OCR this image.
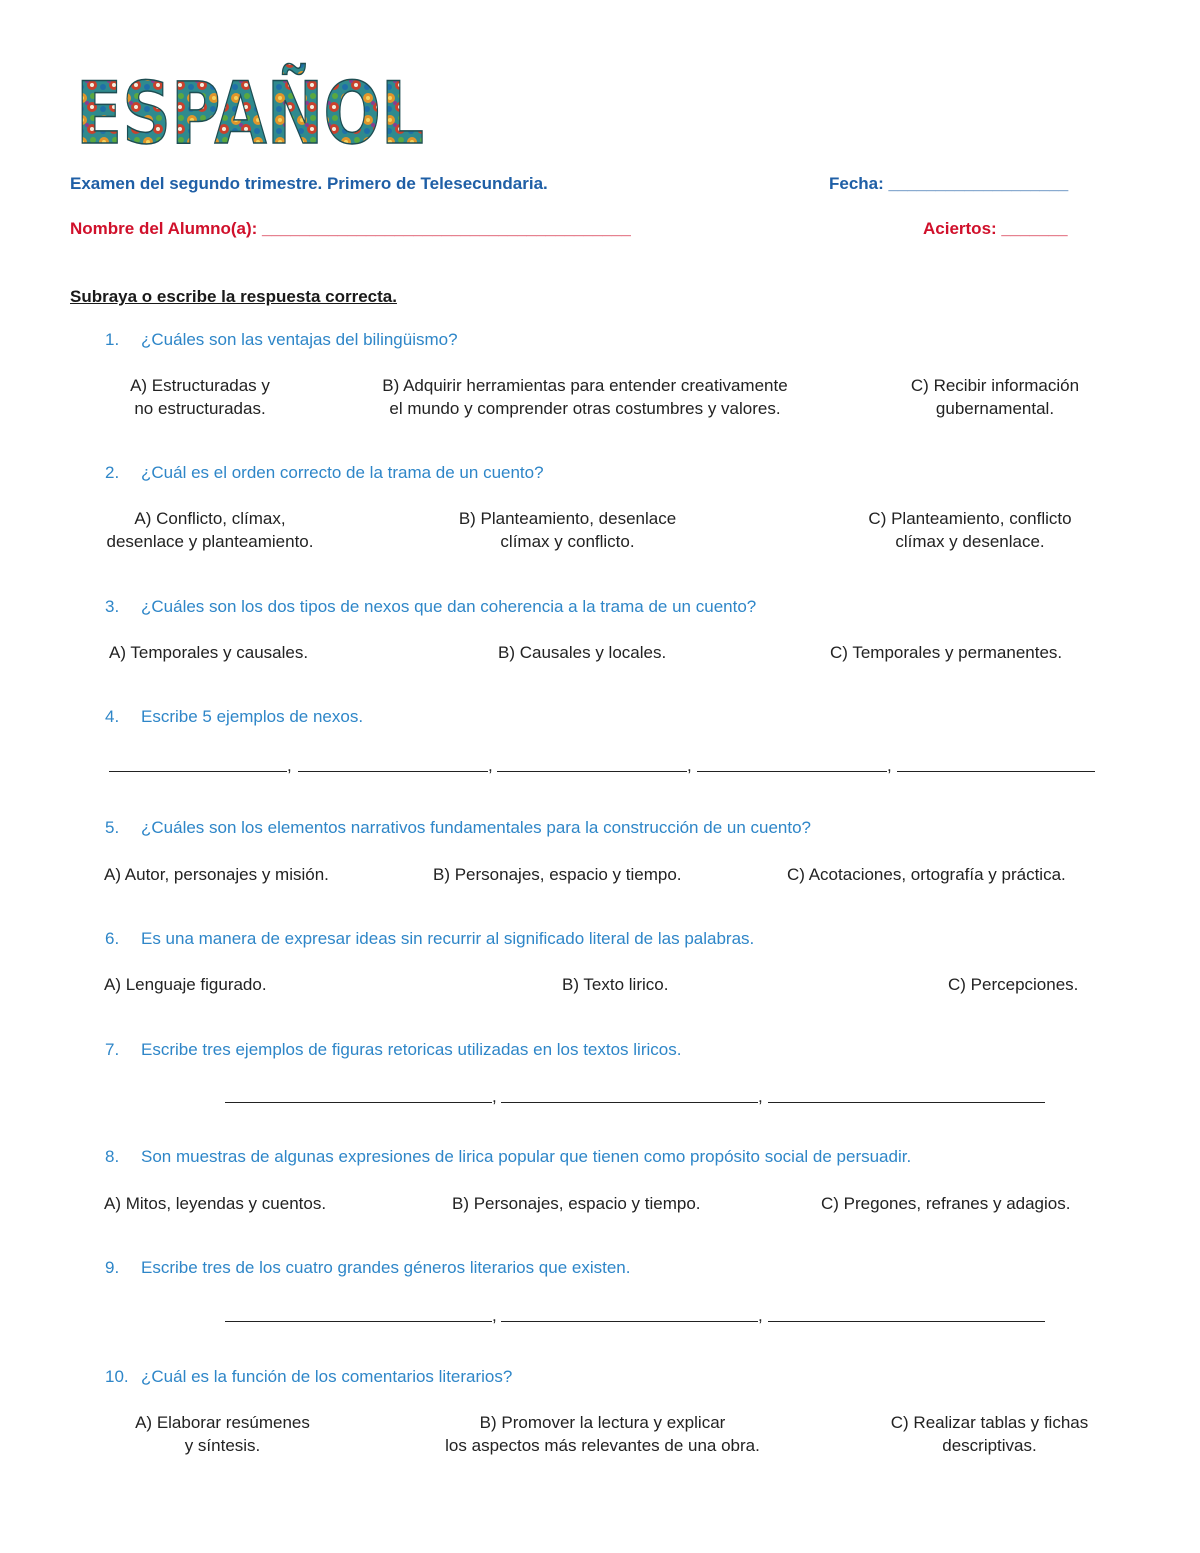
ESPAÑOL
Examen del segundo trimestre. Primero de Telesecundaria.	Fecha: ___________________
Nombre del Alumno(a): _______________________________________	Aciertos: _______
Subraya o escribe la respuesta correcta.
1. ¿Cuáles son las ventajas del bilingüismo?
A) Estructuradas y
no estructuradas.
B) Adquirir herramientas para entender creativamente
el mundo y comprender otras costumbres y valores.
C) Recibir información
gubernamental.
2. ¿Cuál es el orden correcto de la trama de un cuento?
A) Conflicto, clímax,
desenlace y planteamiento.
B) Planteamiento, desenlace
clímax y conflicto.
C) Planteamiento, conflicto
clímax y desenlace.
3. ¿Cuáles son los dos tipos de nexos que dan coherencia a la trama de un cuento?
A) Temporales y causales.	B) Causales y locales.	C) Temporales y permanentes.
4. Escribe 5 ejemplos de nexos.
,	,	,	,
5. ¿Cuáles son los elementos narrativos fundamentales para la construcción de un cuento?
A) Autor, personajes y misión.	B) Personajes, espacio y tiempo.	C) Acotaciones, ortografía y práctica.
6. Es una manera de expresar ideas sin recurrir al significado literal de las palabras.
A) Lenguaje figurado.	B) Texto lirico.	C) Percepciones.
7. Escribe tres ejemplos de figuras retoricas utilizadas en los textos liricos.
,	,
8. Son muestras de algunas expresiones de lirica popular que tienen como propósito social de persuadir.
A) Mitos, leyendas y cuentos.	B) Personajes, espacio y tiempo.	C) Pregones, refranes y adagios.
9. Escribe tres de los cuatro grandes géneros literarios que existen.
,	,
10. ¿Cuál es la función de los comentarios literarios?
A) Elaborar resúmenes
y síntesis.
B) Promover la lectura y explicar
los aspectos más relevantes de una obra.
C) Realizar tablas y fichas
descriptivas.
